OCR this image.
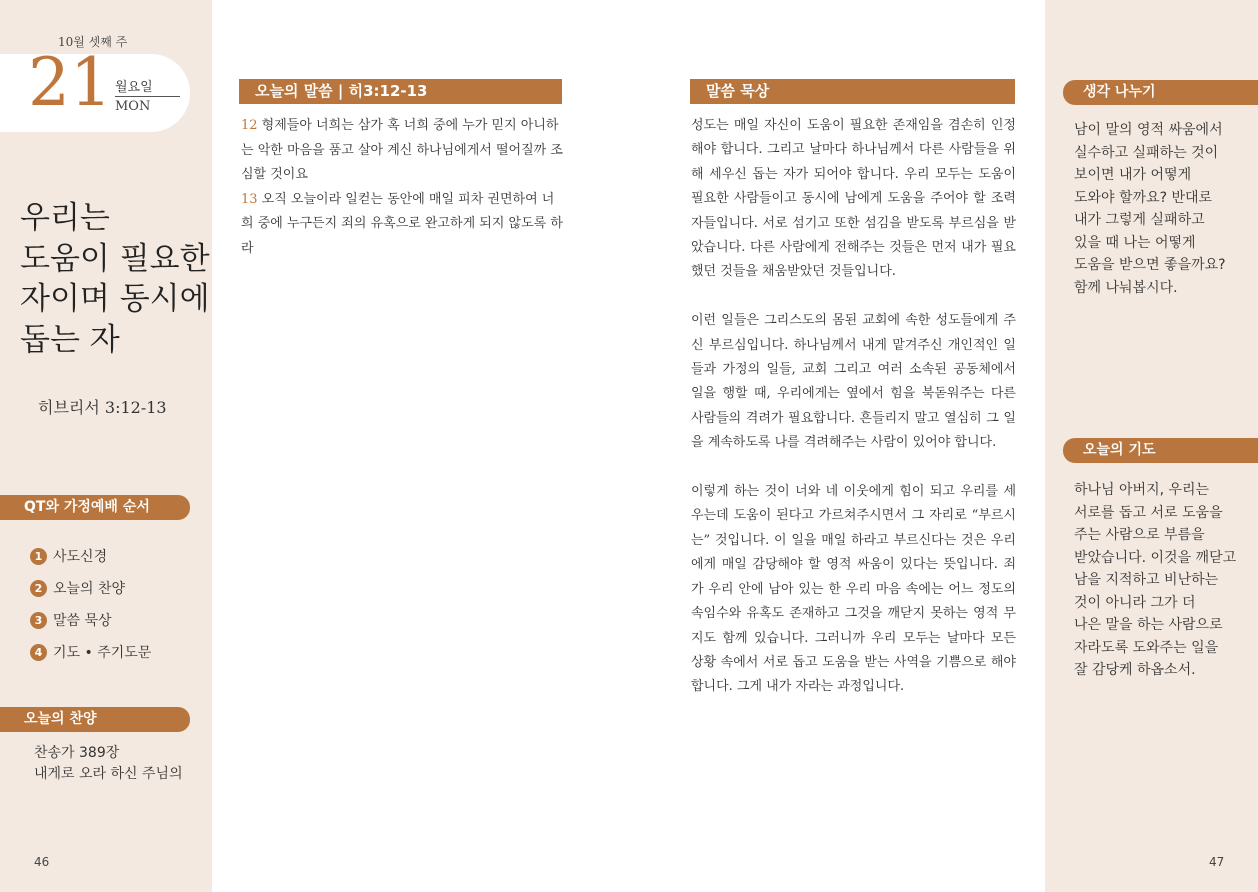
10월 셋째 주
21 월요일
MON
우리는
도움이 필요한
자이며 동시에
돕는 자
히브리서 3:12-13
QT와 가정예배 순서
1 사도신경
2 오늘의 찬양
3 말씀 묵상
4 기도 • 주기도문
오늘의 찬양
찬송가 389장
내게로 오라 하신 주님의
46
오늘의 말씀 | 히3:12-13
12 형제들아 너희는 삼가 혹 너희 중에 누가 믿지 아니하는 악한 마음을 품고 살아 계신 하나님에게서 떨어질까 조심할 것이요
13 오직 오늘이라 일컫는 동안에 매일 피차 권면하여 너희 중에 누구든지 죄의 유혹으로 완고하게 되지 않도록 하라
말씀 묵상

성도는 매일 자신이 도움이 필요한 존재임을 겸손히 인정해야 합니다. 그리고 날마다 하나님께서 다른 사람들을 위해 세우신 돕는 자가 되어야 합니다. 우리 모두는 도움이 필요한 사람들이고 동시에 남에게 도움을 주어야 할 조력자들입니다. 서로 섬기고 또한 섬김을 받도록 부르심을 받았습니다. 다른 사람에게 전해주는 것들은 먼저 내가 필요했던 것들을 채움받았던 것들입니다.

이런 일들은 그리스도의 몸된 교회에 속한 성도들에게 주신 부르심입니다. 하나님께서 내게 맡겨주신 개인적인 일들과 가정의 일들, 교회 그리고 여러 소속된 공동체에서 일을 행할 때, 우리에게는 옆에서 힘을 북돋워주는 다른 사람들의 격려가 필요합니다. 흔들리지 말고 열심히 그 일을 계속하도록 나를 격려해주는 사람이 있어야 합니다.

이렇게 하는 것이 너와 네 이웃에게 힘이 되고 우리를 세우는데 도움이 된다고 가르쳐주시면서 그 자리로 “부르시는” 것입니다. 이 일을 매일 하라고 부르신다는 것은 우리에게 매일 감당해야 할 영적 싸움이 있다는 뜻입니다. 죄가 우리 안에 남아 있는 한 우리 마음 속에는 어느 정도의 속임수와 유혹도 존재하고 그것을 깨닫지 못하는 영적 무지도 함께 있습니다. 그러니까 우리 모두는 날마다 모든 상황 속에서 서로 돕고 도움을 받는 사역을 기쁨으로 해야 합니다. 그게 내가 자라는 과정입니다.

생각 나누기
남이 말의 영적 싸움에서
실수하고 실패하는 것이
보이면 내가 어떻게
도와야 할까요? 반대로
내가 그렇게 실패하고
있을 때 나는 어떻게
도움을 받으면 좋을까요?
함께 나눠봅시다.
오늘의 기도
하나님 아버지, 우리는
서로를 돕고 서로 도움을
주는 사람으로 부름을
받았습니다. 이것을 깨닫고
남을 지적하고 비난하는
것이 아니라 그가 더
나은 말을 하는 사람으로
자라도록 도와주는 일을
잘 감당케 하옵소서.
47
